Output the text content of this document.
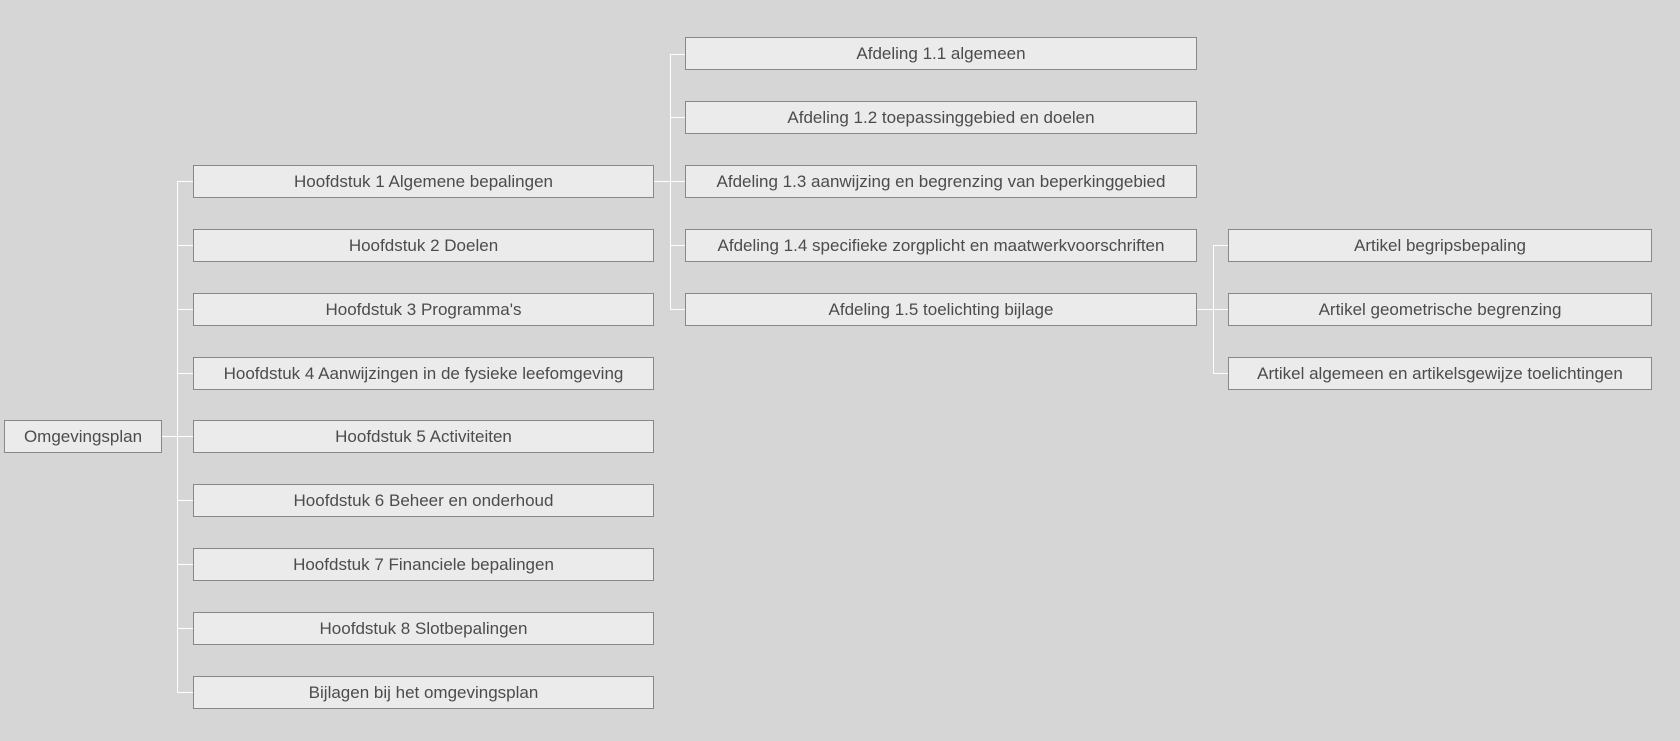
Omgevingsplan
Hoofdstuk 1 Algemene bepalingen
Hoofdstuk 2 Doelen
Hoofdstuk 3 Programma's
Hoofdstuk 4 Aanwijzingen in de fysieke leefomgeving
Hoofdstuk 5 Activiteiten
Hoofdstuk 6 Beheer en onderhoud
Hoofdstuk 7 Financiele bepalingen
Hoofdstuk 8 Slotbepalingen
Bijlagen bij het omgevingsplan
Afdeling 1.1 algemeen
Afdeling 1.2 toepassinggebied en doelen
Afdeling 1.3 aanwijzing en begrenzing van beperkinggebied
Afdeling 1.4 specifieke zorgplicht en maatwerkvoorschriften
Afdeling 1.5 toelichting bijlage
Artikel begripsbepaling
Artikel geometrische begrenzing
Artikel algemeen en artikelsgewijze toelichtingen
